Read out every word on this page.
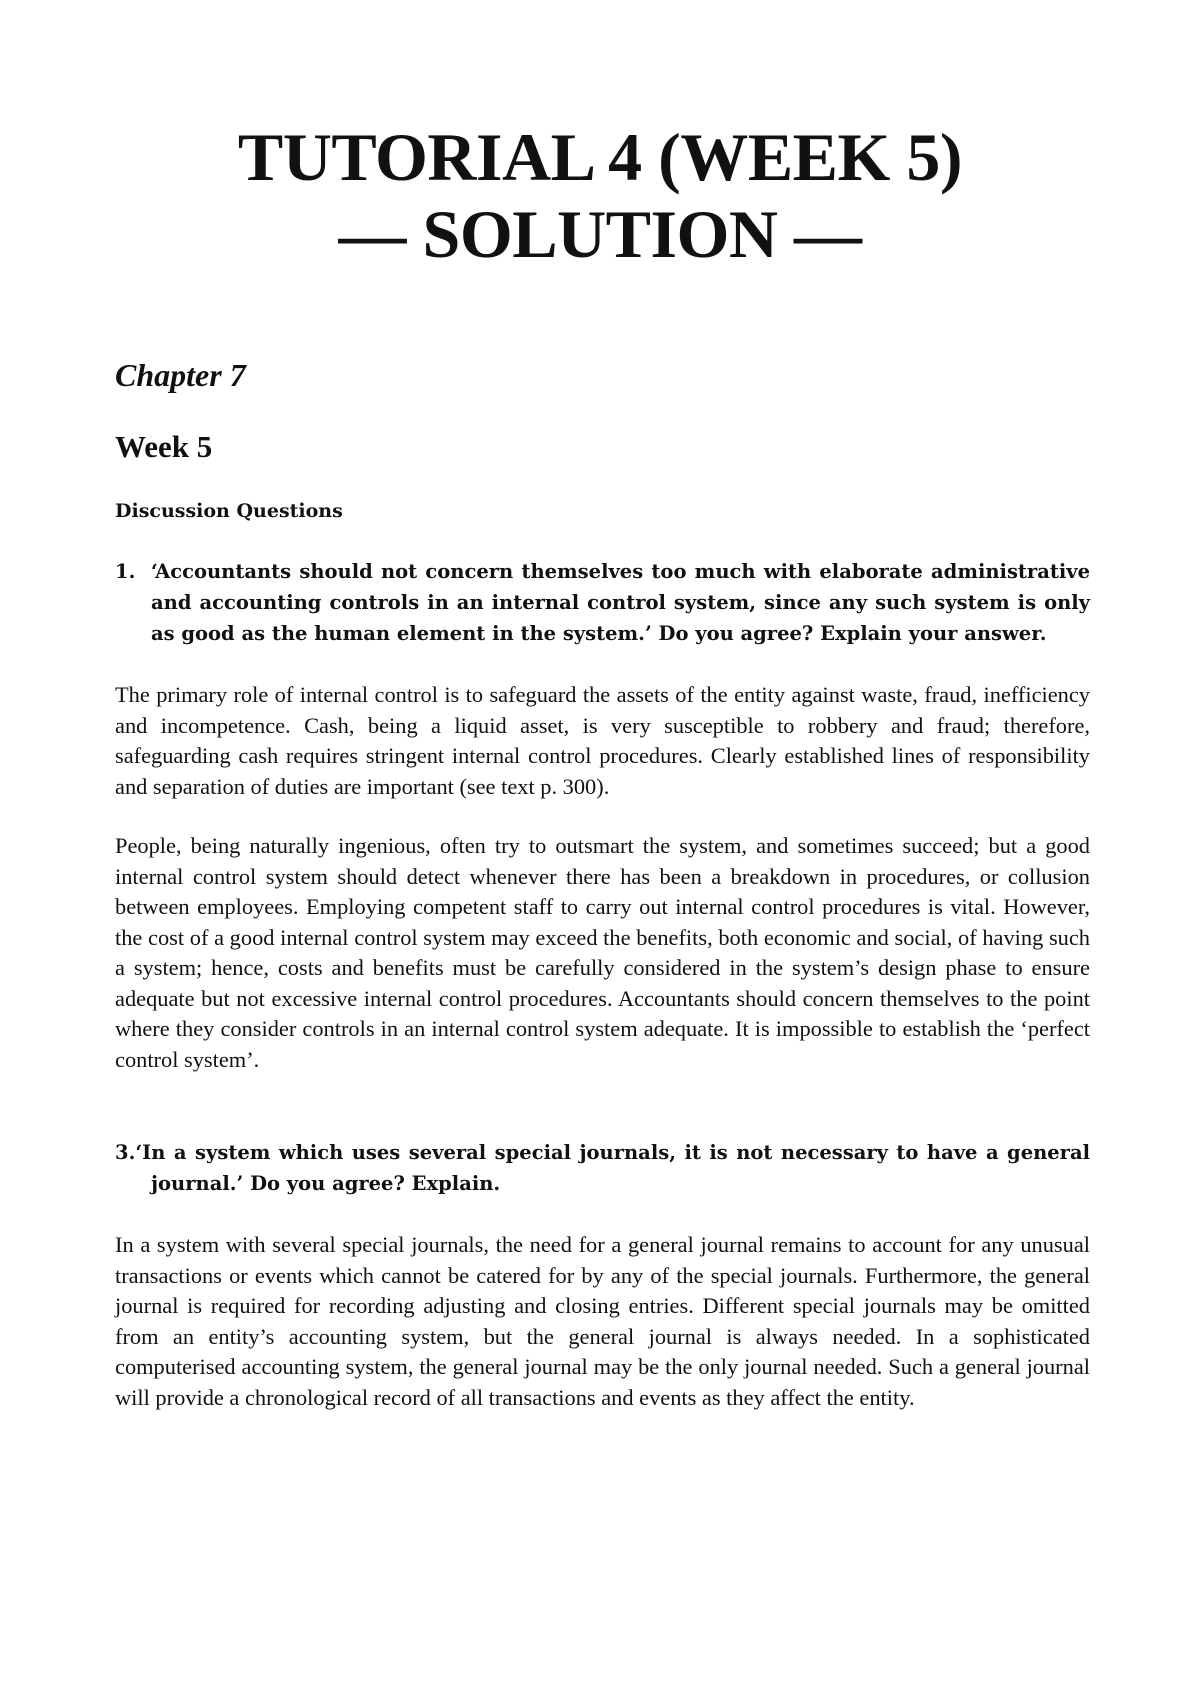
TUTORIAL 4 (WEEK 5)
— SOLUTION —
Chapter 7
Week 5
Discussion Questions
1. ‘Accountants should not concern themselves too much with elaborate administrative and accounting controls in an internal control system, since any such system is only as good as the human element in the system.’ Do you agree? Explain your answer.

The primary role of internal control is to safeguard the assets of the entity against waste, fraud, inefficiency and incompetence. Cash, being a liquid asset, is very susceptible to robbery and fraud; therefore, safeguarding cash requires stringent internal control procedures. Clearly established lines of responsibility and separation of duties are important (see text p. 300).

People, being naturally ingenious, often try to outsmart the system, and sometimes succeed; but a good internal control system should detect whenever there has been a breakdown in procedures, or collusion between employees. Employing competent staff to carry out internal control procedures is vital. However, the cost of a good internal control system may exceed the benefits, both economic and social, of having such a system; hence, costs and benefits must be carefully considered in the system’s design phase to ensure adequate but not excessive internal control procedures. Accountants should concern themselves to the point where they consider controls in an internal control system adequate. It is impossible to establish the ‘perfect control system’.

3.‘In a system which uses several special journals, it is not necessary to have a general journal.’ Do you agree? Explain.

In a system with several special journals, the need for a general journal remains to account for any unusual transactions or events which cannot be catered for by any of the special journals. Furthermore, the general journal is required for recording adjusting and closing entries. Different special journals may be omitted from an entity’s accounting system, but the general journal is always needed. In a sophisticated computerised accounting system, the general journal may be the only journal needed. Such a general journal will provide a chronological record of all transactions and events as they affect the entity.
